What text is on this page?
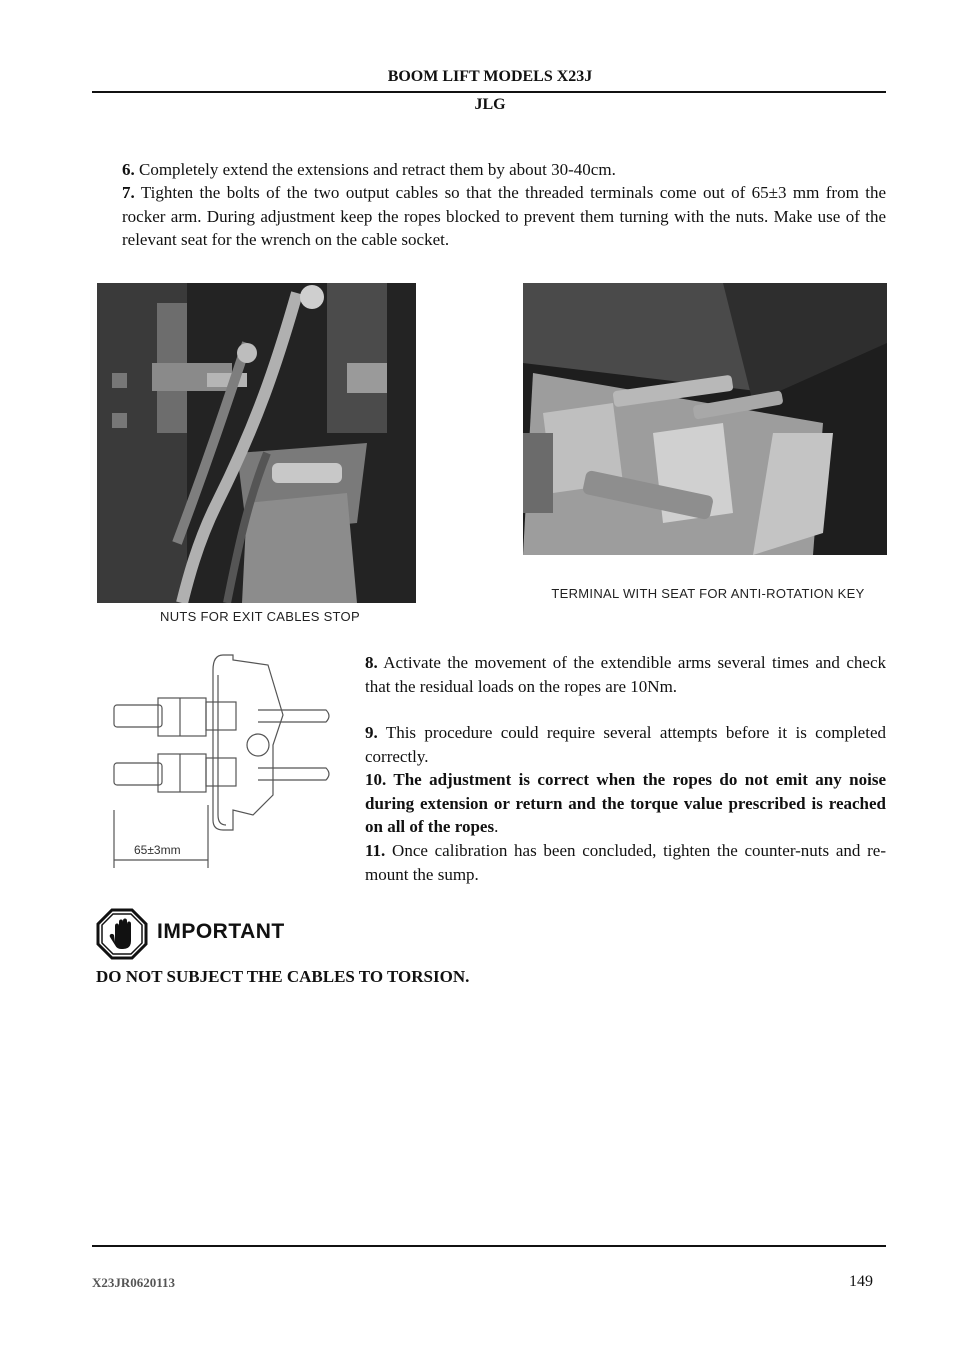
BOOM LIFT MODELS X23J
JLG
6. Completely extend the extensions and retract them by about 30-40cm.
7. Tighten the bolts of the two output cables so that the threaded terminals come out of 65±3 mm from the rocker arm. During adjustment keep the ropes blocked to prevent them turning with the nuts. Make use of the relevant seat for the wrench on the cable socket.
NUTS FOR EXIT CABLES STOP
TERMINAL WITH SEAT FOR ANTI-ROTATION KEY
65±3mm
8. Activate the movement of the extendible arms several times and check that the residual loads on the ropes are 10Nm.
9. This procedure could require several attempts before it is completed correctly.
10. The adjustment is correct when the ropes do not emit any noise during extension or return and the torque value prescribed is reached on all of the ropes.
11. Once calibration has been concluded, tighten the counter-nuts and re-mount the sump.
IMPORTANT
DO NOT SUBJECT THE CABLES TO TORSION.
X23JR0620113	149
